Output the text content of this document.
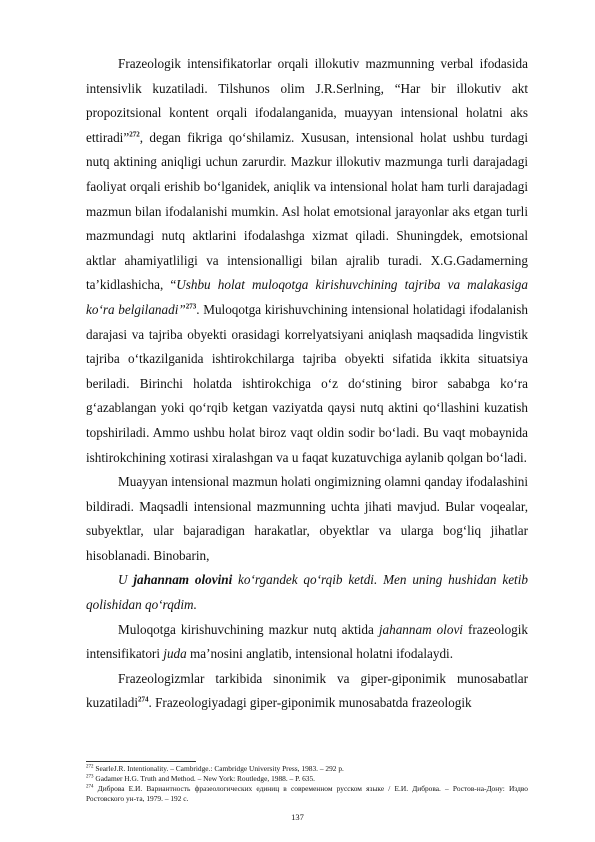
Frazeologik intensifikatorlar orqali illokutiv mazmunning verbal ifodasida intensivlik kuzatiladi. Tilshunos olim J.R.Serlning, “Har bir illokutiv akt propozitsional kontent orqali ifodalanganida, muayyan intensional holatni aks ettiradi”$^{272}$, degan fikriga qo‘shilamiz. Xususan, intensional holat ushbu turdagi nutq aktining aniqligi uchun zarurdir. Mazkur illokutiv mazmunga turli darajadagi faoliyat orqali erishib bo‘lganidek, aniqlik va intensional holat ham turli darajadagi mazmun bilan ifodalanishi mumkin. Asl holat emotsional jarayonlar aks etgan turli mazmundagi nutq aktlarini ifodalashga xizmat qiladi. Shuningdek, emotsional aktlar ahamiyatliligi va intensionalligi bilan ajralib turadi. X.G.Gadamerning ta’kidlashicha, “Ushbu holat muloqotga kirishuvchining tajriba va malakasiga ko‘ra belgilanadi”$^{273}$. Muloqotga kirishuvchining intensional holatidagi ifodalanish darajasi va tajriba obyekti orasidagi korrelyatsiyani aniqlash maqsadida lingvistik tajriba o‘tkazilganida ishtirokchilarga tajriba obyekti sifatida ikkita situatsiya beriladi. Birinchi holatda ishtirokchiga o‘z do‘stining biror sababga ko‘ra g‘azablangan yoki qo‘rqib ketgan vaziyatda qaysi nutq aktini qo‘llashini kuzatish topshiriladi. Ammo ushbu holat biroz vaqt oldin sodir bo‘ladi. Bu vaqt mobaynida ishtirokchining xotirasi xiralashgan va u faqat kuzatuvchiga aylanib qolgan bo‘ladi.

Muayyan intensional mazmun holati ongimizning olamni qanday ifodalashini bildiradi. Maqsadli intensional mazmunning uchta jihati mavjud. Bular voqealar, subyektlar, ular bajaradigan harakatlar, obyektlar va ularga bog‘liq jihatlar hisoblanadi. Binobarin,

U jahannam olovini ko‘rgandek qo‘rqib ketdi. Men uning hushidan ketib qolishidan qo‘rqdim.

Muloqotga kirishuvchining mazkur nutq aktida jahannam olovi frazeologik intensifikatori juda ma’nosini anglatib, intensional holatni ifodalaydi.

Frazeologizmlar tarkibida sinonimik va giper-giponimik munosabatlar kuzatiladi$^{274}$. Frazeologiyadagi giper-giponimik munosabatda frazeologik

$^{272}$ SearleJ.R. Intentionality. – Cambridge.: Cambridge University Press, 1983. – 292 p.

$^{273}$ Gadamer H.G. Truth and Method. – New York: Routledge, 1988. – P. 635.

$^{274}$ Диброва Е.И. Вариантность фразеологических единиц в современном русском языке / Е.И. Диброва. – Ростов-на-Дону: Издво Ростовского ун-та, 1979. – 192 с.

137
